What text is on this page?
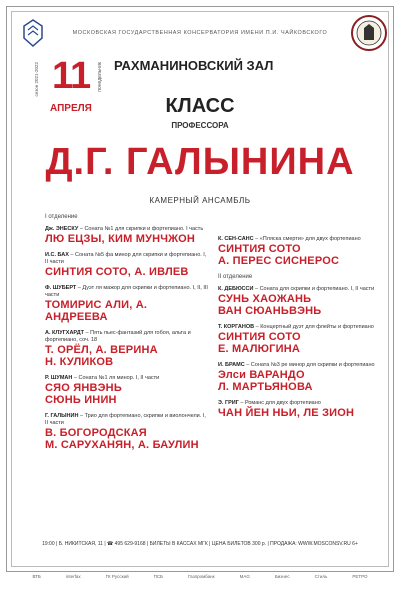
МОСКОВСКАЯ ГОСУДАРСТВЕННАЯ КОНСЕРВАТОРИЯ ИМЕНИ П.И. ЧАЙКОВСКОГО
сезон 2021-2022 11 понедельник
АПРЕЛЯ
РАХМАНИНОВСКИЙ ЗАЛ
КЛАСС
ПРОФЕССОРА
Д.Г. ГАЛЫНИНА
КАМЕРНЫЙ АНСАМБЛЬ
I отделение
Дж. ЭНЕСКУ – Соната №1 для скрипки и фортепиано. I часть
ЛЮ ЕЦЗЫ, КИМ МУНЧЖОН
И.С. БАХ – Соната №5 фа минор для скрипки и фортепиано. I, II части
СИНТИЯ СОТО, А. ИВЛЕВ
Ф. ШУБЕРТ – Дуэт ля мажор для скрипки и фортепиано. I, II, III части
ТОМИРИС АЛИ, А. АНДРЕЕВА
А. КЛУГХАРДТ – Пять пьес-фантазий для гобоя, альта и фортепиано, соч. 18
Т. ОРЁЛ, А. ВЕРИНА
Н. КУЛИКОВ
Р. ШУМАН – Соната №1 ля минор. I, II части
СЯО ЯНВЭНЬ
СЮНЬ ИНИН
Г. ГАЛЫНИН – Трио для фортепиано, скрипки и виолончели. I, II части
В. БОГОРОДСКАЯ
М. САРУХАНЯН, А. БАУЛИН
К. СЕН-САНС – «Пляска смерти» для двух фортепиано
СИНТИЯ СОТО
А. ПЕРЕС СИСНЕРОС
II отделение
К. ДЕБЮССИ – Соната для скрипки и фортепиано. I, II части
СУНЬ ХАОЖАНЬ
ВАН СЮАНЬВЭНЬ
Т. КОРГАНОВ – Концертный дуэт для флейты и фортепиано
СИНТИЯ СОТО
Е. МАЛЮГИНА
И. БРАМС – Соната №3 ре минор для скрипки и фортепиано
Элси ВАРАНДО
Л. МАРТЬЯНОВА
Э. ГРИГ – Романс для двух фортепиано
ЧАН ЙЕН НЬИ, ЛЕ ЗИОН
19:00 | Б. НИКИТСКАЯ, 11 | ☎ 495 629-9168 | БИЛЕТЫ В КАССАХ МГК | ЦЕНА БИЛЕТОВ 300 р. | ПРОДАЖА: WWW.MOSCONSV.RU 6+
ВТБ	interfax	ГК Русский	ПСБ	Газпромбанк	MAG	Бизнес	Стиль	РЕТРО
